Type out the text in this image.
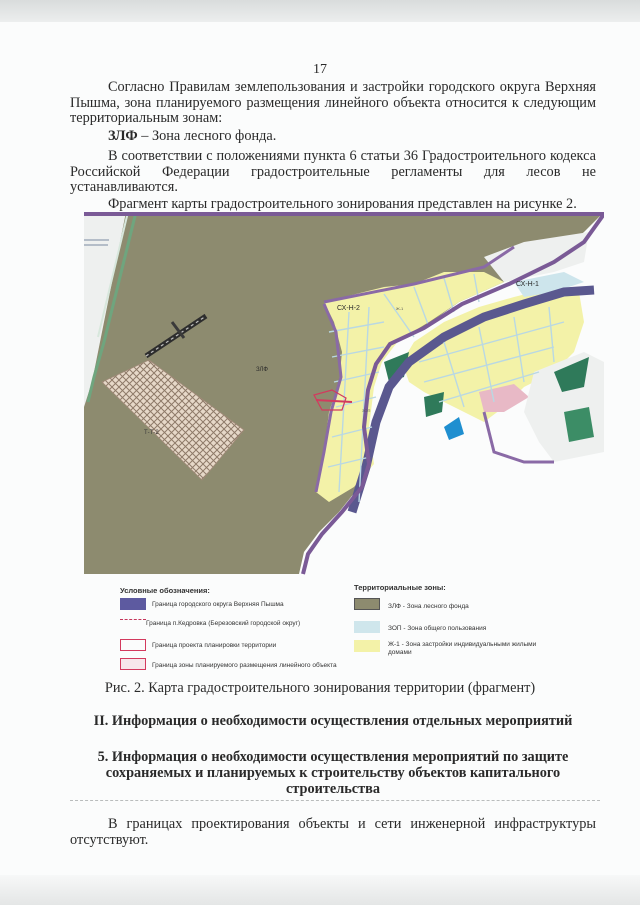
17
Согласно Правилам землепользования и застройки городского округа Верхняя Пышма, зона планируемого размещения линейного объекта относится к следующим территориальным зонам:
ЗЛФ – Зона лесного фонда.
В соответствии с положениями пункта 6 статьи 36 Градостроительного кодекса Российской Федерации градостроительные регламенты для лесов не устанавливаются.
Фрагмент карты градостроительного зонирования представлен на рисунке 2.
ЗЛФ
СХ-Н-2
СХ-Н-1
Т-Т-2
Ж-1
ЗОП
Условные обозначения:	Территориальные зоны:
Граница городского округа Верхняя Пышма
Граница п.Кедровка (Березовский городской округ)
Граница проекта планировки территории
Граница зоны планируемого размещения линейного объекта
ЗЛФ - Зона лесного фонда
ЗОП - Зона общего пользования
Ж-1 - Зона застройки индивидуальными жилыми домами
Рис. 2. Карта градостроительного зонирования территории (фрагмент)
II. Информация о необходимости осуществления отдельных мероприятий
5. Информация о необходимости осуществления мероприятий по защите сохраняемых и планируемых к строительству объектов капитального строительства
В границах проектирования объекты и сети инженерной инфраструктуры отсутствуют.
